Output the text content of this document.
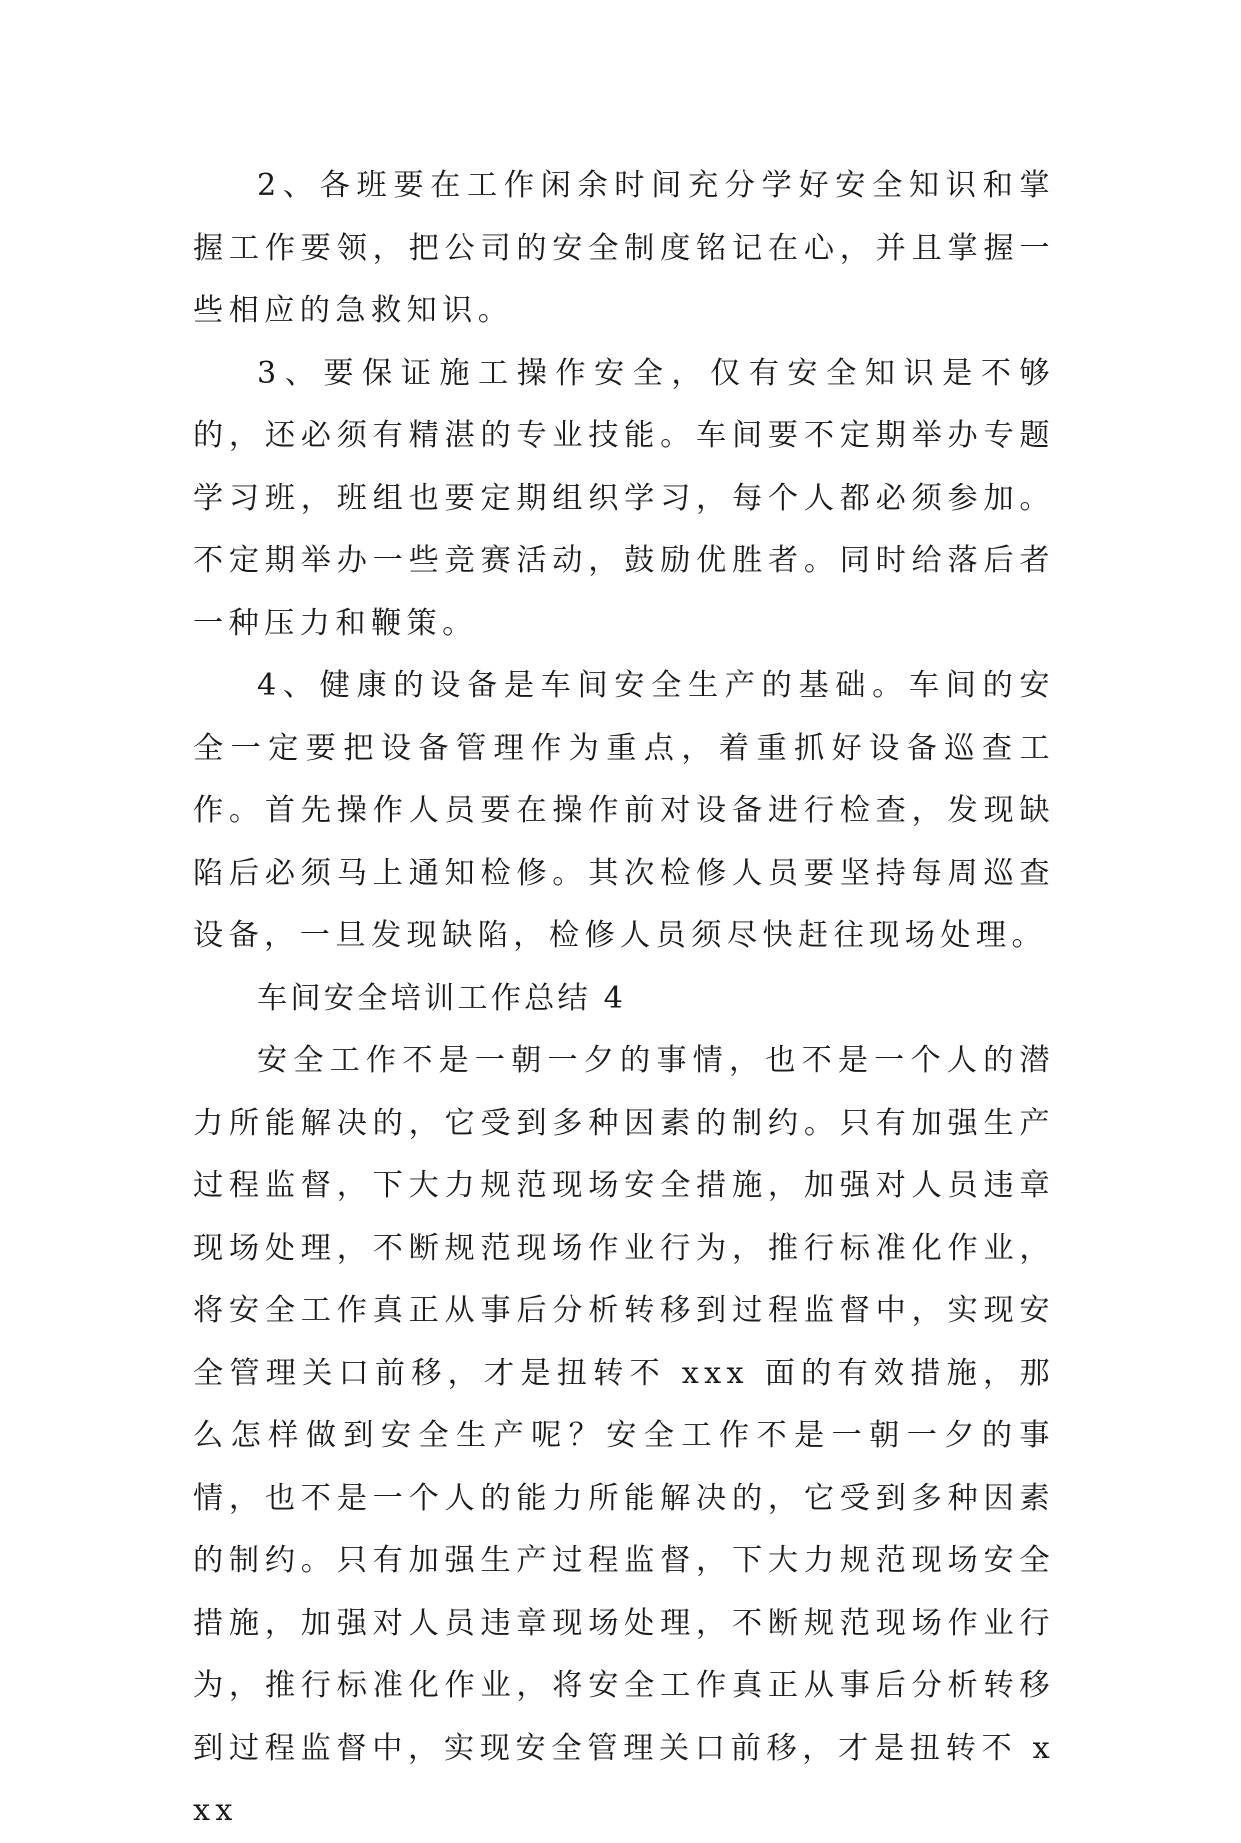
2、各班要在工作闲余时间充分学好安全知识和掌握工作要领，把公司的安全制度铭记在心，并且掌握一些相应的急救知识。

3、要保证施工操作安全，仅有安全知识是不够的，还必须有精湛的专业技能。车间要不定期举办专题学习班，班组也要定期组织学习，每个人都必须参加。不定期举办一些竞赛活动，鼓励优胜者。同时给落后者一种压力和鞭策。

4、健康的设备是车间安全生产的基础。车间的安全一定要把设备管理作为重点，着重抓好设备巡查工作。首先操作人员要在操作前对设备进行检查，发现缺陷后必须马上通知检修。其次检修人员要坚持每周巡查设备，一旦发现缺陷，检修人员须尽快赶往现场处理。

车间安全培训工作总结 4

安全工作不是一朝一夕的事情，也不是一个人的潜力所能解决的，它受到多种因素的制约。只有加强生产过程监督，下大力规范现场安全措施，加强对人员违章现场处理，不断规范现场作业行为，推行标准化作业，将安全工作真正从事后分析转移到过程监督中，实现安全管理关口前移，才是扭转不 xxx 面的有效措施，那么怎样做到安全生产呢？安全工作不是一朝一夕的事情，也不是一个人的能力所能解决的，它受到多种因素的制约。只有加强生产过程监督，下大力规范现场安全措施，加强对人员违章现场处理，不断规范现场作业行为，推行标准化作业，将安全工作真正从事后分析转移到过程监督中，实现安全管理关口前移，才是扭转不 xxx
